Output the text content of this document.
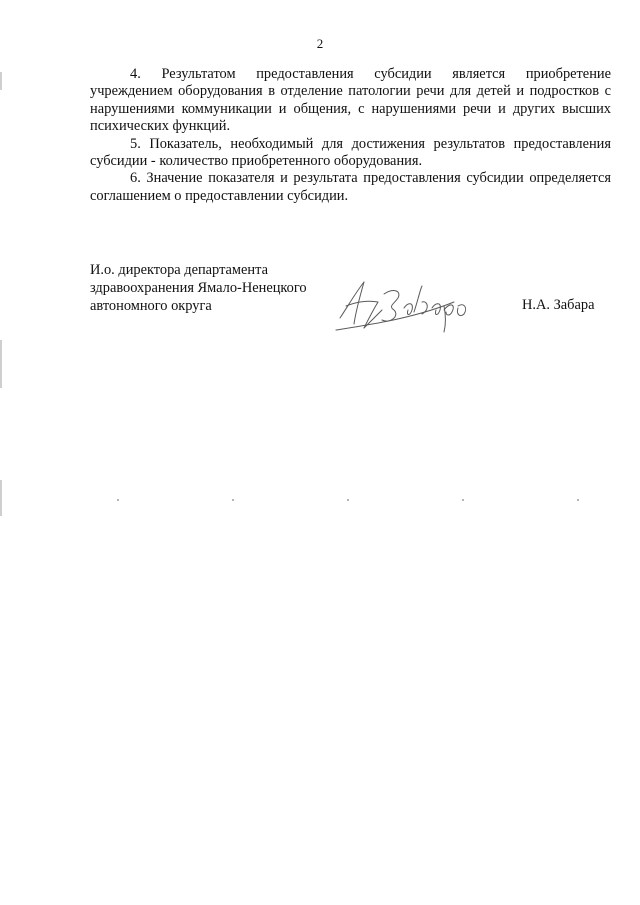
2

4. Результатом предоставления субсидии является приобретение учреждением оборудования в отделение патологии речи для детей и подростков с нарушениями коммуникации и общения, с нарушениями речи и других высших психических функций.

5. Показатель, необходимый для достижения результатов предоставления субсидии - количество приобретенного оборудования.

6. Значение показателя и результата предоставления субсидии определяется соглашением о предоставлении субсидии.

И.о. директора департамента
здравоохранения Ямало-Ненецкого
автономного округа	Н.А. Забара
